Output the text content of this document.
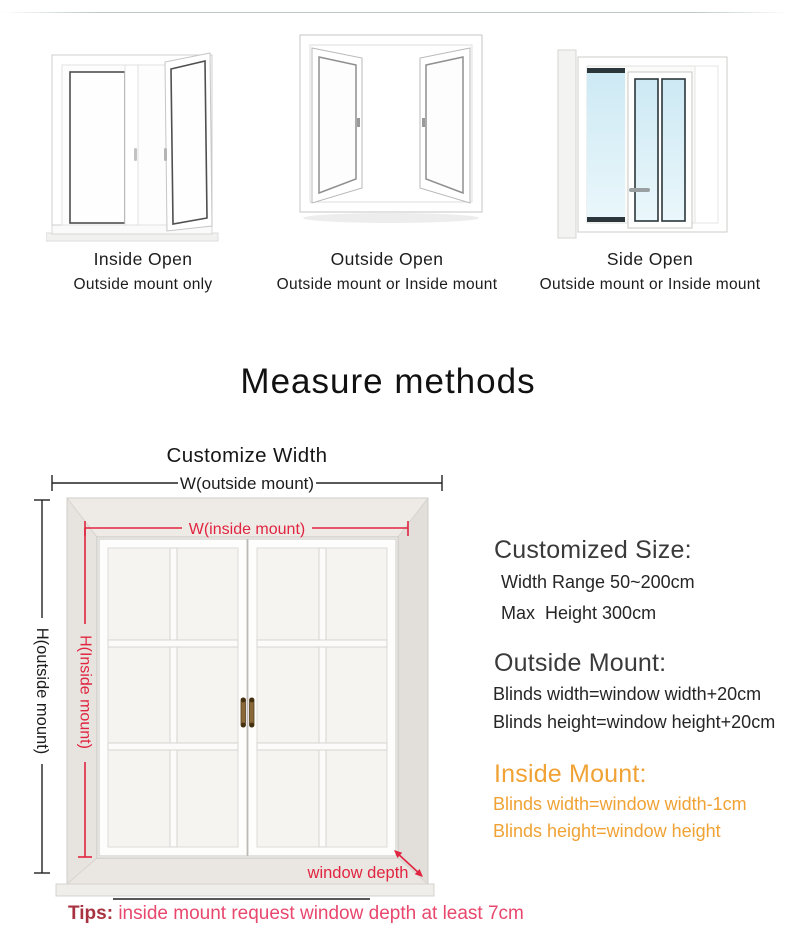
Inside Open
Outside mount only
Outside Open
Outside mount or Inside mount
Side Open
Outside mount or Inside mount
Measure methods
Customize Width
W(outside mount)
H(outside mount)
W(inside mount)
H(Inside mount)
window depth
Customized Size:
Width Range 50~200cm
Max  Height 300cm
Outside Mount:
Blinds width=window width+20cm
Blinds height=window height+20cm
Inside Mount:
Blinds width=window width-1cm
Blinds height=window height
Tips: inside mount request window depth at least 7cm
